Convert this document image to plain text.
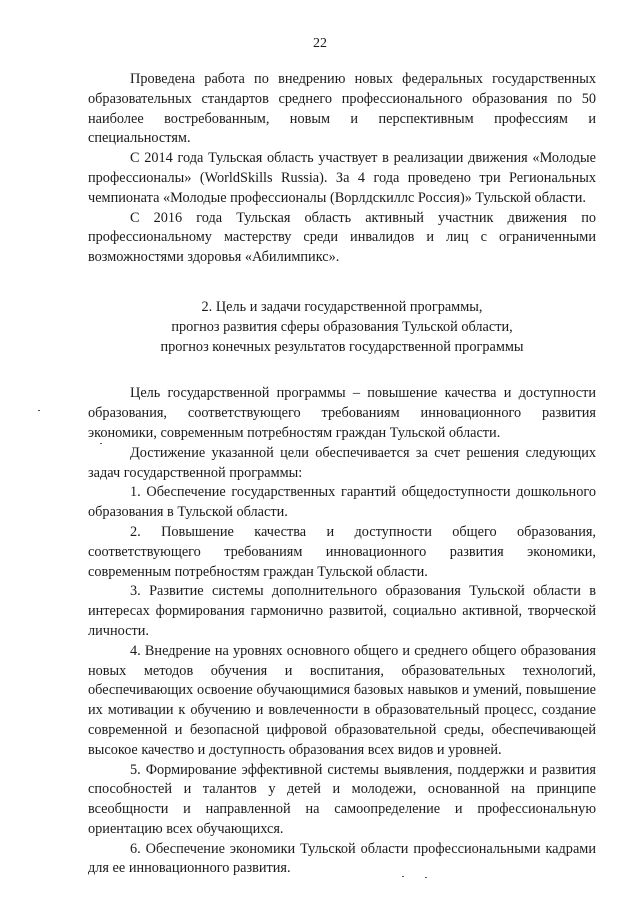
22

Проведена работа по внедрению новых федеральных государственных образовательных стандартов среднего профессионального образования по 50 наиболее востребованным, новым и перспективным профессиям и специальностям.

С 2014 года Тульская область участвует в реализации движения «Молодые профессионалы» (WorldSkills Russia). За 4 года проведено три Региональных чемпионата «Молодые профессионалы (Ворлдскиллс Россия)» Тульской области.

С 2016 года Тульская область активный участник движения по профессиональному мастерству среди инвалидов и лиц с ограниченными возможностями здоровья «Абилимпикс».

2. Цель и задачи государственной программы,
прогноз развития сферы образования Тульской области,
прогноз конечных результатов государственной программы

Цель государственной программы – повышение качества и доступности образования, соответствующего требованиям инновационного развития экономики, современным потребностям граждан Тульской области.

Достижение указанной цели обеспечивается за счет решения следующих задач государственной программы:

1. Обеспечение государственных гарантий общедоступности дошкольного образования в Тульской области.

2. Повышение качества и доступности общего образования, соответствующего требованиям инновационного развития экономики, современным потребностям граждан Тульской области.

3. Развитие системы дополнительного образования Тульской области в интересах формирования гармонично развитой, социально активной, творческой личности.

4. Внедрение на уровнях основного общего и среднего общего образования новых методов обучения и воспитания, образовательных технологий, обеспечивающих освоение обучающимися базовых навыков и умений, повышение их мотивации к обучению и вовлеченности в образовательный процесс, создание современной и безопасной цифровой образовательной среды, обеспечивающей высокое качество и доступность образования всех видов и уровней.

5. Формирование эффективной системы выявления, поддержки и развития способностей и талантов у детей и молодежи, основанной на принципе всеобщности и направленной на самоопределение и профессиональную ориентацию всех обучающихся.

6. Обеспечение экономики Тульской области профессиональными кадрами для ее инновационного развития.
